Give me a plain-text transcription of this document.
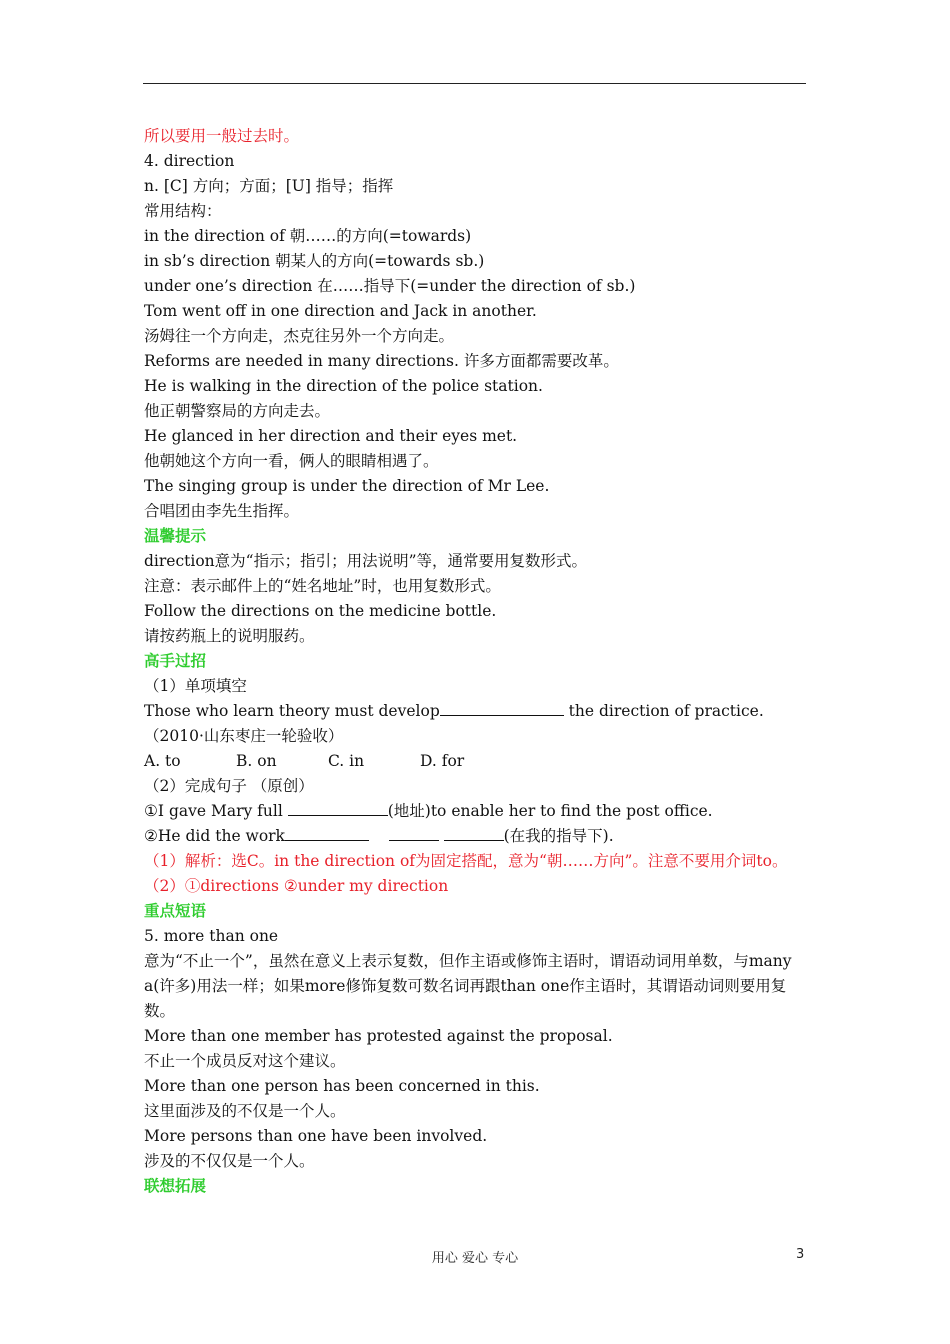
所以要用一般过去时。
4. direction
n. [C] 方向；方面；[U] 指导；指挥
常用结构：
in the direction of 朝……的方向(=towards)
in sb’s direction 朝某人的方向(=towards sb.)
under one’s direction 在……指导下(=under the direction of sb.)
Tom went off in one direction and Jack in another.
汤姆往一个方向走，杰克往另外一个方向走。
Reforms are needed in many directions. 许多方面都需要改革。
He is walking in the direction of the police station.
他正朝警察局的方向走去。
He glanced in her direction and their eyes met.
他朝她这个方向一看，俩人的眼睛相遇了。
The singing group is under the direction of Mr Lee.
合唱团由李先生指挥。
温馨提示
direction意为“指示；指引；用法说明”等，通常要用复数形式。
注意：表示邮件上的“姓名地址”时，也用复数形式。
Follow the directions on the medicine bottle.
请按药瓶上的说明服药。
高手过招
（1）单项填空
Those who learn theory must develop	the direction of practice.
（2010·山东枣庄一轮验收）
A. to	B. on	C. in	D. for
（2）完成句子 （原创）
①I gave Mary full	(地址)to enable her to find the post office.
②He did the work	(在我的指导下).
（1）解析：选C。in the direction of为固定搭配，意为“朝……方向”。注意不要用介词to。
（2）①directions ②under my direction
重点短语
5. more than one
意为“不止一个”，虽然在意义上表示复数，但作主语或修饰主语时，谓语动词用单数，与many a(许多)用法一样；如果more修饰复数可数名词再跟than one作主语时，其谓语动词则要用复数。
More than one member has protested against the proposal.
不止一个成员反对这个建议。
More than one person has been concerned in this.
这里面涉及的不仅是一个人。
More persons than one have been involved.
涉及的不仅仅是一个人。
联想拓展
用心 爱心 专心	3
